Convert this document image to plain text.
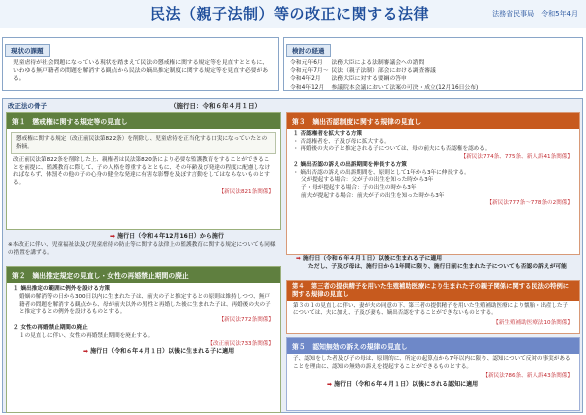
民法（親子法制）等の改正に関する法律	法務省民事局　令和5年4月
現状の課題
児童虐待が社会問題になっている現状を踏まえて民法の懲戒権に関する規定等を見直すとともに、いわゆる無戸籍者の問題を解消する観点から民法の嫡出推定制度に関する規定等を見直す必要がある。
検討の経過
令和元年6月	法務大臣による法制審議会への諮問
令和元年7月～	民法（親子法制）部会における調査審議
令和4年2月	法務大臣に対する要綱の答申
令和4年12月	参議院本会議において法案の可決・成立(12月16日公布)
改正法の骨子	（施行日：令和６年４月１日）
第１　懲戒権に関する規定等の見直し
懲戒権に関する規定（改正前民法第822条）を削除し、児童虐待を正当化する口実になっていたとの指摘。
改正前民法第822条を削除した上、親権者は民法第820条により必要な監護教育をすることができることを前提に、監護教育に際して、子の人格を尊重するとともに、その年齢及び発達の程度に配慮しなければならず、体罰その他の子の心身の健全な発達に有害な影響を及ぼす言動をしてはならないものとする。
【新民法821条関係】
➡ 施行日（令和４年12月16日）から施行
※本改正に伴い、児童福祉法及び児童虐待の防止等に関する法律上の監護教育に関する規定についても同様の措置を講ずる。
第２　嫡出推定規定の見直し・女性の再婚禁止期間の廃止
１ 嫡出推定の範囲に例外を設ける方策
婚姻の解消等の日から300日以内に生まれた子は、前夫の子と推定するとの原則は維持しつつ、無戸籍者の問題を解消する観点から、母が前夫以外の男性と再婚した後に生まれた子は、再婚後の夫の子と推定するとの例外を設けるものとする。
【新民法772条関係】
２ 女性の再婚禁止期間の廃止
１の見直しに伴い、女性の再婚禁止期間を廃止する。
【改正前民法733条関係】
➡ 施行日（令和６年４月１日）以後に生まれる子に適用
第３　嫡出否認制度に関する規律の見直し
１ 否認権者を拡大する方策
・ 否認権者を、子及び母に拡大する。
・ 再婚後の夫の子と推定される子については、母の前夫にも否認権を認める。
【新民法774条、775条、新人訴41条関係】
２ 嫡出否認の訴えの出訴期間を伸長する方策
・ 嫡出否認の訴えの出訴期間を、原則として1年から3年に伸長する。
父が提起する場合：父が子の出生を知った時から3年
子・母が提起する場合：子の出生の時から3年
前夫が提起する場合：前夫が子の出生を知った時から3年
【新民法777条～778条の2関係】
➡ 施行日（令和６年４月１日）以後に生まれる子に適用
ただし、子及び母は、施行日から1年間に限り、施行日前に生まれた子についても否認の訴えが可能
第４　第三者の提供精子を用いた生殖補助医療により生まれた子の親子関係に関する民法の特例に関する規律の見直し
第３の１の見直しに伴い、妻が夫の同意の下、第三者の提供精子を用いた生殖補助医療により懐胎・出産した子については、夫に加え、子及び妻も、嫡出否認をすることができないものとする。
【新生殖補助医療法10条関係】
第５　認知無効の訴えの規律の見直し
子、認知をした者及び子の母は、原則的に、所定の起算点から7年以内に限り、認知について反対の事実があることを理由に、認知の無効の訴えを提起することができるものとする。
【新民法786条、新人訴43条関係】
➡ 施行日（令和６年４月１日）以後にされる認知に適用
